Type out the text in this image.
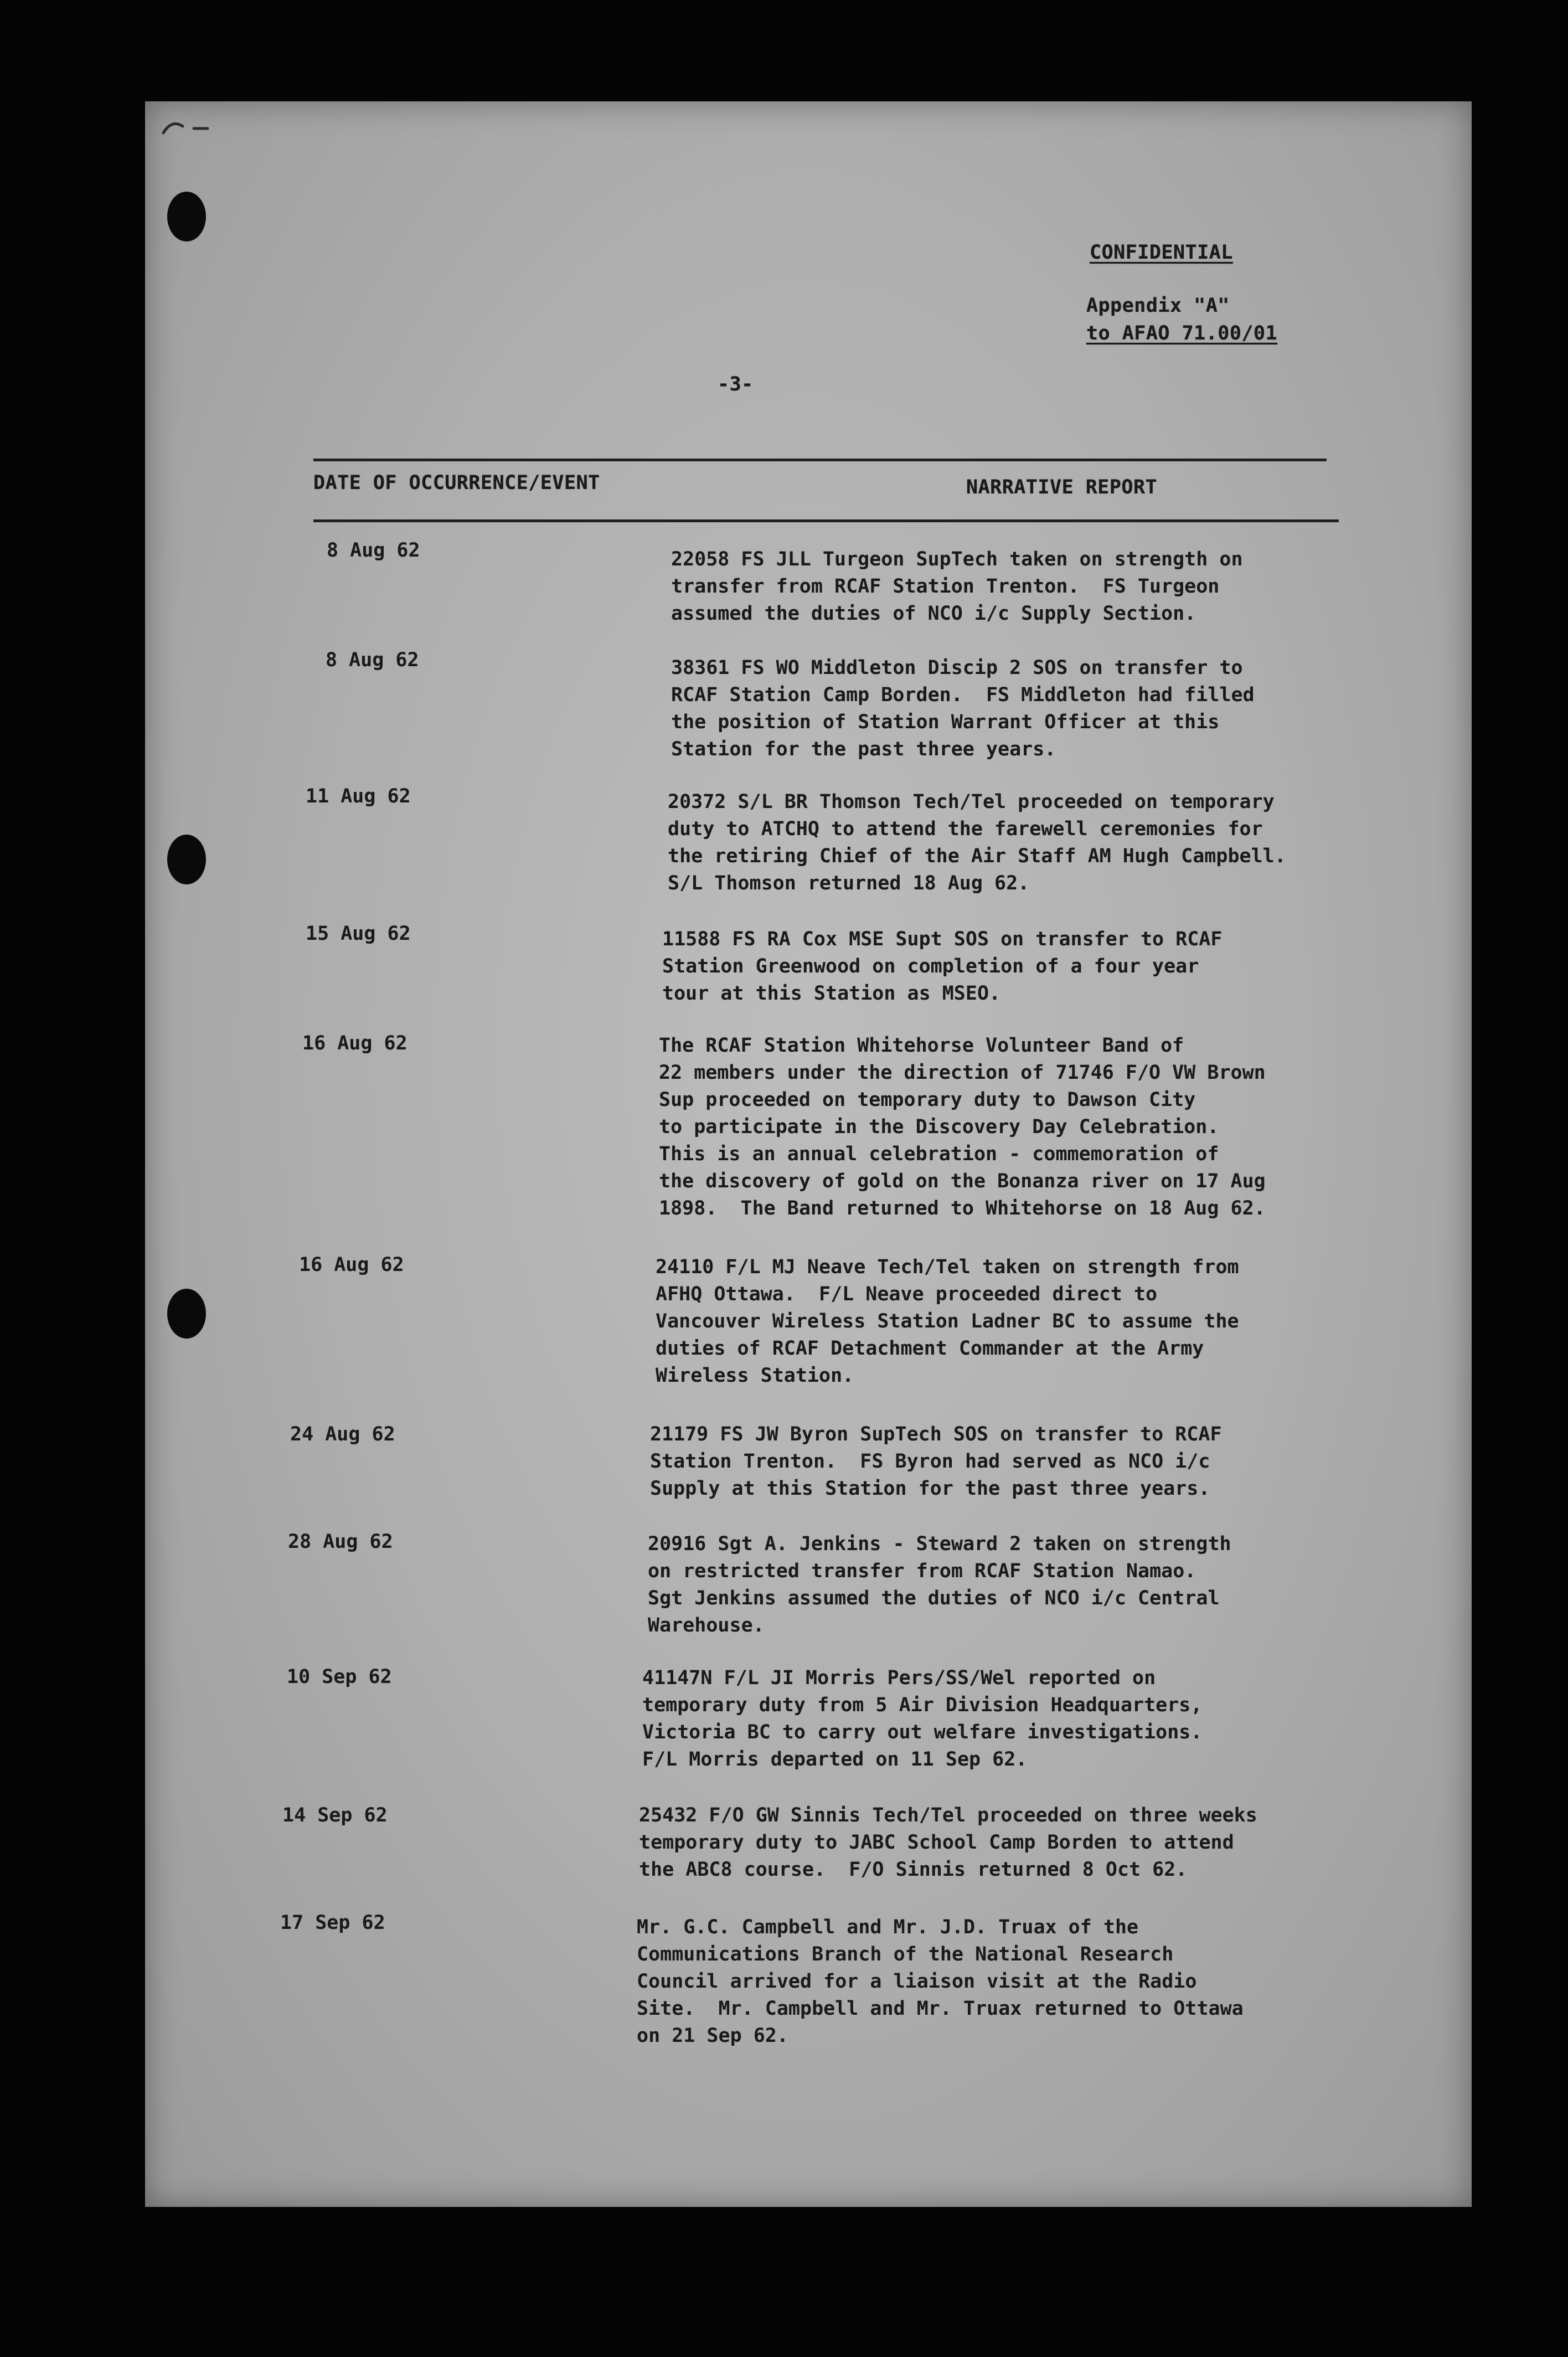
CONFIDENTIAL
Appendix "A"
to AFAO 71.00/01
-3-
DATE OF OCCURRENCE/EVENT	NARRATIVE REPORT
8 Aug 62	22058 FS JLL Turgeon SupTech taken on strength on
transfer from RCAF Station Trenton.  FS Turgeon
assumed the duties of NCO i/c Supply Section.
8 Aug 62	38361 FS WO Middleton Discip 2 SOS on transfer to
RCAF Station Camp Borden.  FS Middleton had filled
the position of Station Warrant Officer at this
Station for the past three years.
11 Aug 62	20372 S/L BR Thomson Tech/Tel proceeded on temporary
duty to ATCHQ to attend the farewell ceremonies for
the retiring Chief of the Air Staff AM Hugh Campbell.
S/L Thomson returned 18 Aug 62.
15 Aug 62	11588 FS RA Cox MSE Supt SOS on transfer to RCAF
Station Greenwood on completion of a four year
tour at this Station as MSEO.
16 Aug 62	The RCAF Station Whitehorse Volunteer Band of
22 members under the direction of 71746 F/O VW Brown
Sup proceeded on temporary duty to Dawson City
to participate in the Discovery Day Celebration.
This is an annual celebration - commemoration of
the discovery of gold on the Bonanza river on 17 Aug
1898.  The Band returned to Whitehorse on 18 Aug 62.
16 Aug 62	24110 F/L MJ Neave Tech/Tel taken on strength from
AFHQ Ottawa.  F/L Neave proceeded direct to
Vancouver Wireless Station Ladner BC to assume the
duties of RCAF Detachment Commander at the Army
Wireless Station.
24 Aug 62	21179 FS JW Byron SupTech SOS on transfer to RCAF
Station Trenton.  FS Byron had served as NCO i/c
Supply at this Station for the past three years.
28 Aug 62	20916 Sgt A. Jenkins - Steward 2 taken on strength
on restricted transfer from RCAF Station Namao.
Sgt Jenkins assumed the duties of NCO i/c Central
Warehouse.
10 Sep 62	41147N F/L JI Morris Pers/SS/Wel reported on
temporary duty from 5 Air Division Headquarters,
Victoria BC to carry out welfare investigations.
F/L Morris departed on 11 Sep 62.
14 Sep 62	25432 F/O GW Sinnis Tech/Tel proceeded on three weeks
temporary duty to JABC School Camp Borden to attend
the ABC8 course.  F/O Sinnis returned 8 Oct 62.
17 Sep 62	Mr. G.C. Campbell and Mr. J.D. Truax of the
Communications Branch of the National Research
Council arrived for a liaison visit at the Radio
Site.  Mr. Campbell and Mr. Truax returned to Ottawa
on 21 Sep 62.
